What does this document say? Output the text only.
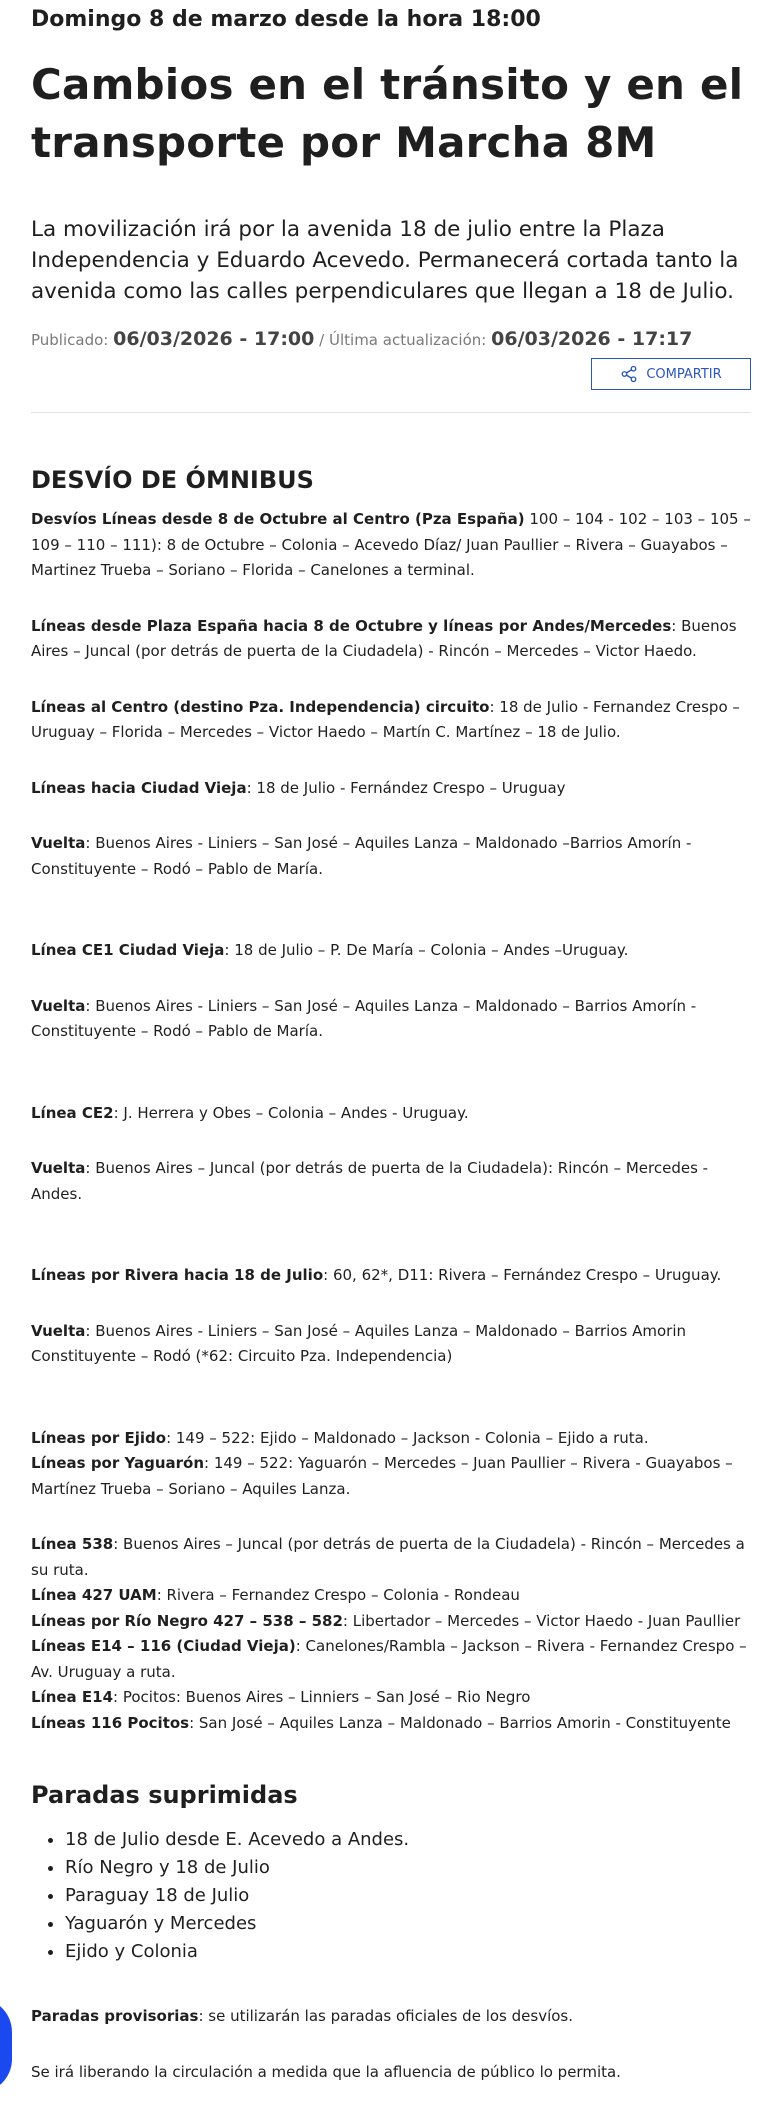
Domingo 8 de marzo desde la hora 18:00

Cambios en el tránsito y en el transporte por Marcha 8M

La movilización irá por la avenida 18 de julio entre la Plaza Independencia y Eduardo Acevedo. Permanecerá cortada tanto la avenida como las calles perpendiculares que llegan a 18 de Julio.

Publicado: 06/03/2026 - 17:00 / Última actualización: 06/03/2026 - 17:17
COMPARTIR
DESVÍO DE ÓMNIBUS

Desvíos Líneas desde 8 de Octubre al Centro (Pza España) 100 – 104 - 102 – 103 – 105 – 109 – 110 – 111): 8 de Octubre – Colonia – Acevedo Díaz/ Juan Paullier – Rivera – Guayabos – Martinez Trueba – Soriano – Florida – Canelones a terminal.

Líneas desde Plaza España hacia 8 de Octubre y líneas por Andes/Mercedes: Buenos Aires – Juncal (por detrás de puerta de la Ciudadela) - Rincón – Mercedes – Victor Haedo.

Líneas al Centro (destino Pza. Independencia) circuito: 18 de Julio - Fernandez Crespo – Uruguay – Florida – Mercedes – Victor Haedo – Martín C. Martínez – 18 de Julio.

Líneas hacia Ciudad Vieja: 18 de Julio - Fernández Crespo – Uruguay

Vuelta: Buenos Aires - Liniers – San José – Aquiles Lanza – Maldonado –Barrios Amorín - Constituyente – Rodó – Pablo de María.

Línea CE1 Ciudad Vieja: 18 de Julio – P. De María – Colonia – Andes –Uruguay.

Vuelta: Buenos Aires - Liniers – San José – Aquiles Lanza – Maldonado – Barrios Amorín - Constituyente – Rodó – Pablo de María.

Línea CE2: J. Herrera y Obes – Colonia – Andes - Uruguay.

Vuelta: Buenos Aires – Juncal (por detrás de puerta de la Ciudadela): Rincón – Mercedes - Andes.

Líneas por Rivera hacia 18 de Julio: 60, 62*, D11: Rivera – Fernández Crespo – Uruguay.

Vuelta: Buenos Aires - Liniers – San José – Aquiles Lanza – Maldonado – Barrios Amorin Constituyente – Rodó (*62: Circuito Pza. Independencia)

Líneas por Ejido: 149 – 522: Ejido – Maldonado – Jackson - Colonia – Ejido a ruta.

Líneas por Yaguarón: 149 – 522: Yaguarón – Mercedes – Juan Paullier – Rivera - Guayabos – Martínez Trueba – Soriano – Aquiles Lanza.

Línea 538: Buenos Aires – Juncal (por detrás de puerta de la Ciudadela) - Rincón – Mercedes a su ruta.

Línea 427 UAM: Rivera – Fernandez Crespo – Colonia - Rondeau

Líneas por Río Negro 427 – 538 – 582: Libertador – Mercedes – Victor Haedo - Juan Paullier

Líneas E14 – 116 (Ciudad Vieja): Canelones/Rambla – Jackson – Rivera - Fernandez Crespo – Av. Uruguay a ruta.

Línea E14: Pocitos: Buenos Aires – Linniers – San José – Rio Negro

Líneas 116 Pocitos: San José – Aquiles Lanza – Maldonado – Barrios Amorin - Constituyente

Paradas suprimidas
• 18 de Julio desde E. Acevedo a Andes.
• Río Negro y 18 de Julio
• Paraguay 18 de Julio
• Yaguarón y Mercedes
• Ejido y Colonia

Paradas provisorias: se utilizarán las paradas oficiales de los desvíos.

Se irá liberando la circulación a medida que la afluencia de público lo permita.
